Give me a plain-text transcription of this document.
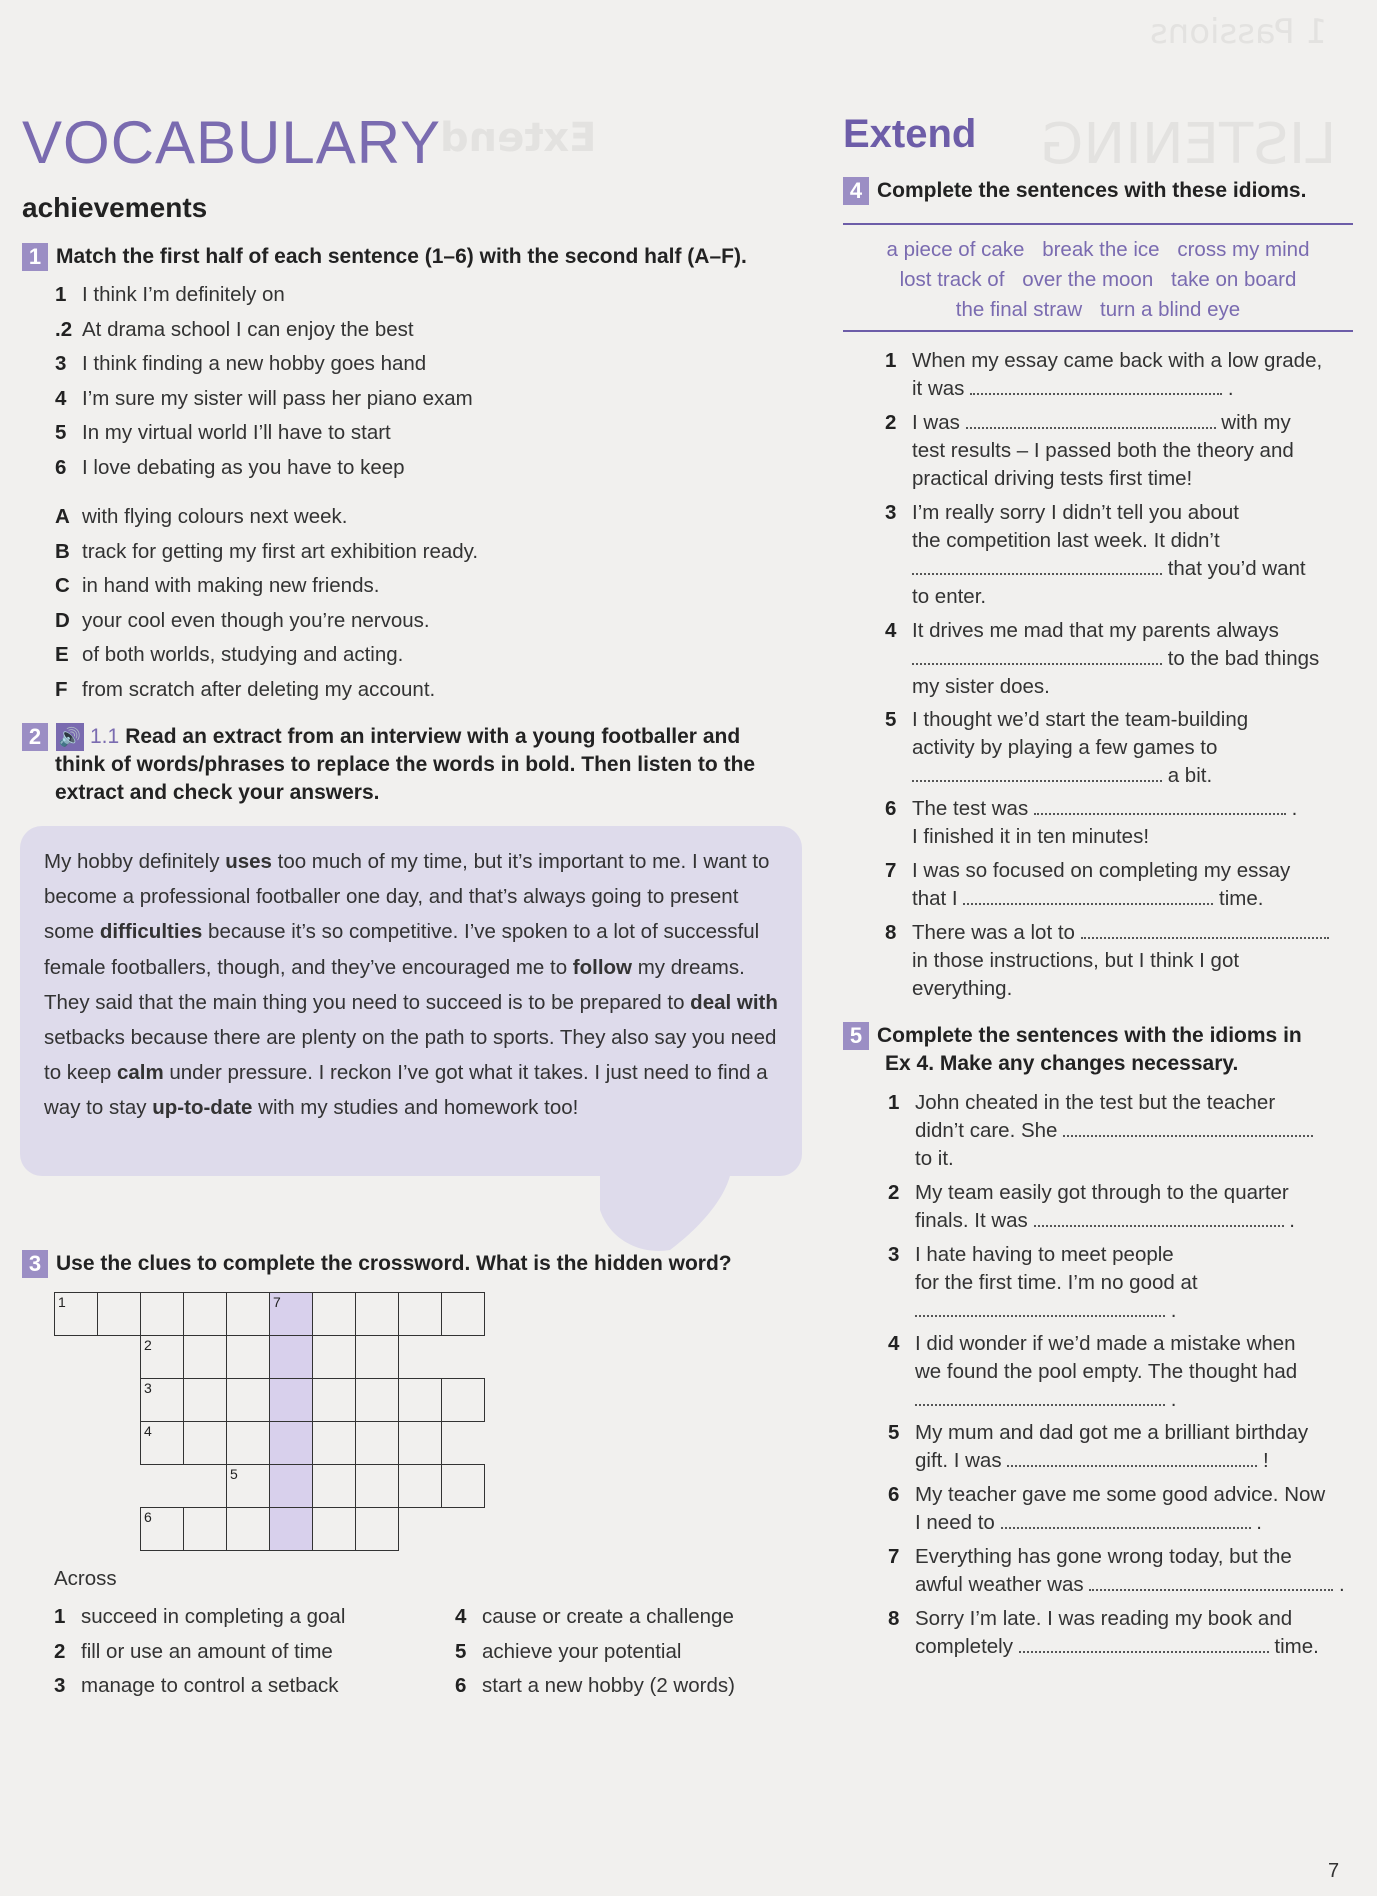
1 Passions
LISTENING
Extend
VOCABULARY
achievements
1 Match the first half of each sentence (1–6) with the second half (A–F).
1 I think I’m definitely on
.2 At drama school I can enjoy the best
3 I think finding a new hobby goes hand
4 I’m sure my sister will pass her piano exam
5 In my virtual world I’ll have to start
6 I love debating as you have to keep
A with flying colours next week.
B track for getting my first art exhibition ready.
C in hand with making new friends.
D your cool even though you’re nervous.
E of both worlds, studying and acting.
F from scratch after deleting my account.
2 🔊 1.1 Read an extract from an interview with a young footballer and
think of words/phrases to replace the words in bold. Then listen to the
extract and check your answers.

My hobby definitely uses too much of my time, but it’s important to me. I want to become a professional footballer one day, and that’s always going to present some difficulties because it’s so competitive. I’ve spoken to a lot of successful female footballers, though, and they’ve encouraged me to follow my dreams. They said that the main thing you need to succeed is to be prepared to deal with setbacks because there are plenty on the path to sports. They also say you need to keep calm under pressure. I reckon I’ve got what it takes. I just need to find a way to stay up-to-date with my studies and homework too!

3 Use the clues to complete the crossword. What is the hidden word?
1					7				

		2							

		3							

		4							

				5					

		6							

Across
1 succeed in completing a goal
2 fill or use an amount of time
3 manage to control a setback
4 cause or create a challenge
5 achieve your potential
6 start a new hobby (2 words)
Extend
4 Complete the sentences with these idioms.
a piece of cake break the ice cross my mind
lost track of over the moon take on board
the final straw turn a blind eye
1 When my essay came back with a low grade,
it was	.
2 I was	with my
test results – I passed both the theory and
practical driving tests first time!
3 I’m really sorry I didn’t tell you about
the competition last week. It didn’t
that you’d want
to enter.
4 It drives me mad that my parents always
to the bad things
my sister does.
5 I thought we’d start the team-building
activity by playing a few games to
a bit.
6 The test was	.
I finished it in ten minutes!
7 I was so focused on completing my essay
that I	time.
8 There was a lot to
in those instructions, but I think I got
everything.
5 Complete the sentences with the idioms in
Ex 4. Make any changes necessary.
1 John cheated in the test but the teacher
didn’t care. She
to it.
2 My team easily got through to the quarter
finals. It was	.
3 I hate having to meet people
for the first time. I’m no good at
.
4 I did wonder if we’d made a mistake when
we found the pool empty. The thought had
.
5 My mum and dad got me a brilliant birthday
gift. I was	!
6 My teacher gave me some good advice. Now
I need to	.
7 Everything has gone wrong today, but the
awful weather was	.
8 Sorry I’m late. I was reading my book and
completely	time.
7
